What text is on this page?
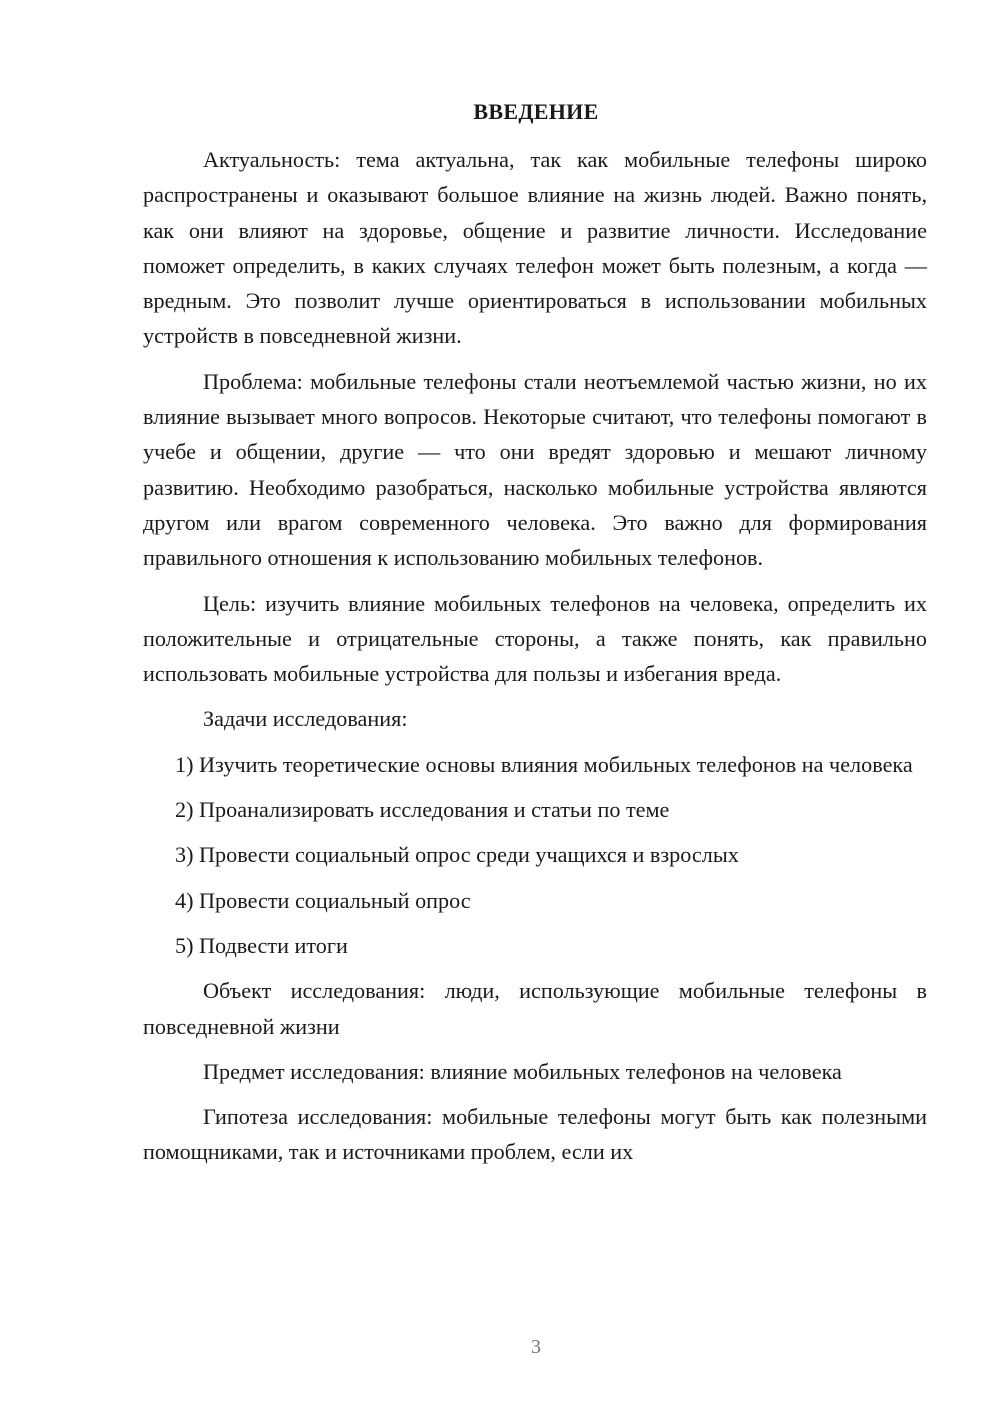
ВВЕДЕНИЕ

Актуальность: тема актуальна, так как мобильные телефоны широко распространены и оказывают большое влияние на жизнь людей. Важно понять, как они влияют на здоровье, общение и развитие личности. Исследование поможет определить, в каких случаях телефон может быть полезным, а когда — вредным. Это позволит лучше ориентироваться в использовании мобильных устройств в повседневной жизни.

Проблема: мобильные телефоны стали неотъемлемой частью жизни, но их влияние вызывает много вопросов. Некоторые считают, что телефоны помогают в учебе и общении, другие — что они вредят здоровью и мешают личному развитию. Необходимо разобраться, насколько мобильные устройства являются другом или врагом современного человека. Это важно для формирования правильного отношения к использованию мобильных телефонов.

Цель: изучить влияние мобильных телефонов на человека, определить их положительные и отрицательные стороны, а также понять, как правильно использовать мобильные устройства для пользы и избегания вреда.

Задачи исследования:

1) Изучить теоретические основы влияния мобильных телефонов на человека

2) Проанализировать исследования и статьи по теме

3) Провести социальный опрос среди учащихся и взрослых

4) Провести социальный опрос

5) Подвести итоги

Объект исследования: люди, использующие мобильные телефоны в повседневной жизни

Предмет исследования: влияние мобильных телефонов на человека

Гипотеза исследования: мобильные телефоны могут быть как полезными помощниками, так и источниками проблем, если их

3
